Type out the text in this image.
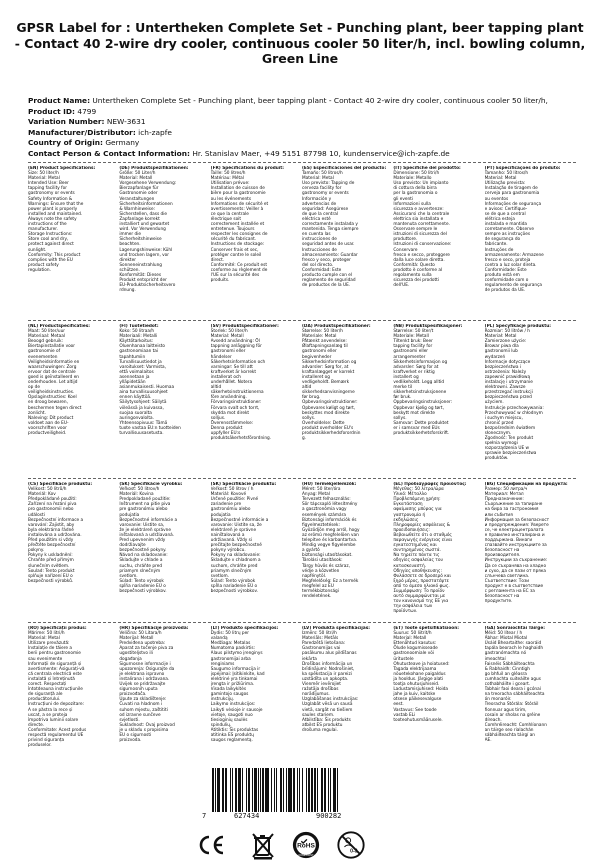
GPSR Label for : Untertheken Complete Set - Punching plant, beer tapping plant - Contact 40 2-wire dry cooler, continuous cooler 50 liter/h, incl. bowling column, Green Line
Product Name: Untertheken Complete Set - Punching plant, beer tapping plant - Contact 40 2-wire dry cooler, continuous cooler 50 liter/h,
Product ID: 4799
Variation Number: NEW-3631
Manufacturer/Distributor: ich-zapfe
Country of Origin: Germany
Contact Person & Contact Information: Hr. Stanislav Maer, +49 5151 87798 10, kundenservice@ich-zapfe.de
(EN) Product Specifications:
Size: 50 liter/h
Material: Metal
Intended Use: Beer
tapping facility for
gastronomy or events
Safety Information &
Warnings: Ensure that the
power plant is properly
installed and maintained.
Always note the safety
instructions of the
manufacturer.
Storage Instructions:
Store cool and dry,
protect against direct
sunlight.
Conformity: This product
complies with the EU
product safety
regulation.
(DE) Produktspezifikationen:
Größe: 50 Liter/h
Material: Metall
Vorgesehene Verwendung:
Bierzapfanlage für
Gastronomie oder
Veranstaltungen
Sicherheitsinformationen
& Warnhinweise:
Sicherstellen, dass die
Zapfanlage korrekt
installiert und gewartet
wird. Vor Verwendung
immer die
Sicherheitshinweise
beachten.
Lagerungshinweise: Kühl
und trocken lagern, vor
direkter
Sonneneinstrahlung
schützen.
Konformität: Dieses
Produkt entspricht der
EU-Produktsicherheitsvero
rdnung.
(FR) Spécifications du produit:
Taille: 50 litres/h
Matériau: Métal
Utilisation prévue:
Installation de cuisson de
bière pour la gastronomie
ou les événements
Informations de sécurité et
avertissements: Veiller à
ce que la centrale
électrique soit
correctement installée et
entretenue. Toujours
respecter les consignes de
sécurité du fabricant.
Instructions de stockage:
Conserver frais et sec,
protéger contre le soleil
direct.
Conformité: Ce produit est
conforme au règlement de
l'UE sur la sécurité des
produits.
(ES) Especificaciones del producto:
Tamaño: 50 litros/h
Material: Metal
Uso previsto: Tapping de
cerveza facility for
gastronomy or events
Información y
advertencias de
seguridad: Asegúrese
de que la central
eléctrica esté
correctamente instalada y
mantenida. Tenga siempre
en cuenta las
instrucciones de
seguridad antes de usar.
Instrucciones de
almacenamiento: Guardar
fresco y seco, proteger
del sol directo.
Conformidad: Este
producto cumple con el
reglamento de seguridad
de productos de la UE.
(IT) Specifiche del prodotto:
Dimensione: 50 litri/h
Materiale: Metallo
Uso previsto: Un impianto
di cottura della birra
per la gastronomia o
gli eventi
Informazioni sulla
sicurezza e avvertenze:
Assicurarsi che la centrale
elettrica sia installata e
mantenuta correttamente.
Osservare sempre le
istruzioni di sicurezza del
produttore.
Istruzioni di conservazione:
Conservare
fresco e secco, proteggere
dalla luce solare diretta.
Conformità: Questo
prodotto è conforme al
regolamento sulla
sicurezza dei prodotti
dell'UE.
(PT) Especificações do produto:
Tamanho: 50 litros/h
Material: Metal
Utilização prevista:
Instalação de tiragem de
cerveja para gastronomia
ou eventos
Informações de segurança
e avisos: Certifique-
se de que a central
elétrica esteja
instalada e mantida
corretamente. Observe
sempre as instruções
de segurança do
fabricante.
Instruções de
armazenamento: Armazene
fresco e seco, proteja
contra a luz solar direta.
Conformidade: Este
produto está em
conformidade com o
regulamento de segurança
de produtos da UE.
(NL) Productspecificaties:
Maat: 50 liter/uur
Materiaal: Metaal
Beoogd gebruik:
Biertapinstallatie voor
gastronomie of
evenementen
Veiligheidsinformatie en
waarschuwingen: Zorg
ervoor dat de centrale
goed is geïnstalleerd en
onderhouden. Let altijd
op de
veiligheidsinstructies.
Opslaginstructies: Koel
en droog bewaren,
beschermen tegen direct
zonlicht.
Naleving: Dit product
voldoet aan de EU-
voorschriften voor
productveiligheid.
(FI) Tuotetiedot:
Koko: 50 litraa/h
Materiaali: Metalli
Käyttötarkoitus:
Oluenhanaa laitteisto
gastronomiaan tai
tapahtumiin
Turvallisuustiedot ja
varoitukset: Varmista,
että voimalaitos
asennetaan ja
ylläpidetään
asianmukaisesti. Huomaa
aina turvallisuusohjeet
ennen käyttöä.
Säilytysohjeet: Säilytä
viileässä ja kuivassa,
suojaa suoralta
auringonvalolta.
Yhteensopivuus: Tämä
tuote vastaa EU:n tuotteiden
turvallisuusasetusta.
(SV) Produktspecifikationer:
Storlek: 50 liter/h
Material: Metall
Avsedd användning: Öl
tappning anläggning för
gastronomi eller
händelser
Säkerhetsinformation och
varningar: Se till att
kraftverket är korrekt
installerat och
underhållet. Notera
alltid
säkerhetsinstruktionerna
före användning.
Förvaringsinstruktioner:
Förvara svalt och torrt,
skydda mot direkt
solljus.
Överensstämmelse:
Denna produkt
uppfyller EU:s
produktsäkerhetsförordning.
(DA) Produktspecifikationer:
Størrelse: 50 liter/h
Materiale: Metal
Påtænkt anvendelse:
Ølaftapningsanlæg til
gastronomi eller
begivenheder
Sikkerhedsinformation og
advarsler: Sørg for, at
kraftanlægget er korrekt
installeret og
vedligeholdt. Bemærk
altid
sikkerhedsanvisningerne
før brug.
Opbevaringsinstruktioner:
Opbevares køligt og tørt,
beskyttes mod direkte
sollys.
Overholdelse: Dette
produkt overholder EU's
produktsikkerhedsforordnin
g.
(NB) Produktspesifikasjoner:
Størrelse: 50 liter/t
Materiale: Metall
Tiltenkt bruk: Beer
tapping facility for
gastronomi eller
arrangementer
Sikkerhetsinformasjon og
advarsler: Sørg for at
kraftverket er riktig
installert og
vedlikeholdt. Legg alltid
merke til
sikkerhetsinstruksjonene
før bruk.
Oppbevaringsinstruksjoner:
Oppbevar kjølig og tørt,
beskytt mot direkte
sollys.
Samsvar: Dette produktet
er i samsvar med EUs
produktsikkerhetsforskrift.
(PL) Specyfikacje produktu:
Rozmiar: 50 litrów / h
Materiał: Metal
Zamierzone użycie:
Browar piwa dla
gastronomii lub
wydarzeń
Informacje dotyczące
bezpieczeństwa i
ostrzeżenia: Należy
zapewnić prawidłową
instalację i utrzymanie
elektrowni. Zawsze
przestrzegać instrukcji
bezpieczeństwa przed
użyciem.
Instrukcje przechowywania:
Przechowywać w chłodnym
i suchym miejscu,
chronić przed
bezpośrednim światłem
słonecznym.
Zgodność: Ten produkt
spełnia wymogi
rozporządzenia UE w
sprawie bezpieczeństwa
produktów.
(CS) Specifikace produktu:
Velikost: 50 litrů/h
Materiál: Kov
Předpokládané použití:
Zařízení na řezání piva
pro gastronomii nebo
události
Bezpečnostní informace a
varování: Zajistit, aby
byla elektrárna řádně
instalována a udržována.
Před použitím si vždy
přečtěte bezpečnostní
pokyny.
Pokyny k uskladnění:
Chraňte před přímým
slunečním světlem.
Soulad: Tento produkt
splňuje nařízení EU o
bezpečnosti výrobků.
(SK) Špecifikácie výrobku:
Veľkosť: 50 litrov/h
Materiál: Kovina
Predpokladané použitie:
Inštrument na pitie piva
pre gastronómiu alebo
podujatia
Bezpečnostné informácie a
varovanie: Uistite sa,
že je elektráreň správne
inštalovaná a udržiavaná.
Pred upevnením vždy
dodržiavajte
bezpečnostné pokyny.
Návod na skladovanie:
Skladujte v chlade a
suchu, chráňte pred
priamym slnečným
svetlom.
Súlad: Tento výrobok
spĺňa nariadenie EÚ o
bezpečnosti výrobkov.
(SK) Špecifikácie produktu:
Veľkosť: 50 litrov / h
Materiál: Kovové
Určené použitie: Pivné
zariadenie pre
gastronómiu alebo
podujatia
Bezpečnostné informácie a
varovanie: Uistite sa, že
elektráreň je správne
nainštalovaná a
udržiavaná. Vždy si
prečítajte bezpečnostné
pokyny výrobcu.
Pokyny na skladovanie:
Skladujte v chladnom a
suchom, chráňte pred
priamym slnečným
svetlom.
Súlad: Tento výrobok
spĺňa nariadenie EÚ o
bezpečnosti výrobkov.
(HU) Termékjellemzők:
Méret: 50 liter/óra
Anyag: Metal
Tervezett felhasználás:
Sör tápcsapló létesítmény
a gasztronómia vagy
események számára
Biztonsági információk és
figyelmeztetések:
Gyõzõdjön meg arról, hogy
az erõmû megfelelõen van
telepítve és karbantartva.
Mindig vegye figyelembe
a gyártó
biztonsági utasításokat.
Tárolási utasítások:
Tárgy hûvös és száraz,
védje a közvetlen
napfénytõl.
Megfelelőség: Ez a termék
megfelel az EU
termékbiztonsági
rendeletének.
(EL) Προδιαγραφές προϊόντος:
Μέγεθος: 50 λίτρα/ώρα
Υλικό: Μέταλλο
Προβλεπόμενη χρήση:
Εγκατάσταση
αφαίμασης μπύρας για
γαστρονομία ή
εκδηλώσεις
Πληροφορίες ασφάλειας &
προειδοποιήσεις:
Βεβαιωθείτε ότι ο σταθμός
παραγωγής ενέργειας είναι
εγκατεστημένος και
συντηρημένος σωστά.
Να τηρείτε πάντα τις
οδηγίες ασφαλείας του
κατασκευαστή.
Οδηγίες αποθήκευσης:
Φυλάσσετε σε δροσερό και
ξηρό μέρος, προστατέψτε
από το άμεσο ηλιακό φως.
Συμμόρφωση: Το προϊόν
αυτό συμμορφώνεται με
τον κανονισμό της ΕΕ για
την ασφάλεια των
προϊόντων.
(BG) Спецификации на продукта:
Размер: 50 литра/ч
Материал: Метал
Предназначение:
Съоръжение за тапиране
на бира за гастрономия
или събития
Информация за безопасност
и предупреждения: Уверете
се, че електроцентралата
е правилно инсталирана и
поддържана. Винаги
спазвайте инструкциите за
безопасност на
производителя.
Инструкции за съхранение:
Да се съхранява на хладно
и сухо, да се пази от пряка
слънчева светлина.
Съответствие: Този
продукт е в съответствие
с регламента на ЕС за
безопасност на
продуктите.
(RO) Specificații produs:
Mărime: 50 litri/h
Material: Metal
Utilizare prevăzută:
Instalație de tăiere a
berii pentru gastronomie
sau evenimente
Informații de siguranță și
avertismente: Asigurați-vă
că centrala electrică este
instalată și întreținută
corect. Respectați
întotdeauna instrucțiunile
de siguranță ale
producătorului.
Instrucțiuni de depozitare:
A se păstra la rece și
uscat, a se proteja
împotriva luminii solare
directe.
Conformitate: Acest produs
respectă regulamentul UE
privind siguranța
produselor.
(HR) Specifikacije proizvoda:
Veličina: 50 Litara/h
Materijal: Metall
Predviđena upotreba:
Aparat za točenje piva za
ugostiteljstvo ili
događanja
Sigurnosne informacije i
upozorenja: Osigurajte da
je elektrana ispravno
instalirana i održavana.
Uvijek se pridržavajte
sigurnosnih uputa
proizvođača.
Upute za skladištenje:
Čuvati na hladnom i
suhom mjestu, zaštititi
od izravne sunčeve
svjetlosti.
Sukladnost: Ovaj proizvod
je u skladu s propisima
EU o sigurnosti
proizvoda.
(LT) Produkto specifikacijos:
Dydis: 50 litrų per
valandą
Medžiaga: Metalas
Numatoma paskirtis:
Alaus pilstymo įrenginys
gastronomijai arba
renginiams
Saugumo informacija ir
įspėjimai: Įsitikinkite, kad
elektrinė yra tinkamai
įrengta ir prižiūrima.
Visada laikykitės
gamintojo saugos
instrukcijų.
Laikymo instrukcijos:
Laikyti vėsioje ir sausoje
vietoje, saugoti nuo
tiesioginių saulės
spindulių.
Atitiktis: Šis produktas
atitinka ES produktų
saugos reglamentą.
(LV) Produkta specifikācijas:
Izmērs: 50 litri/h
Materiāls: Metāls
Paredzētā lietošana:
Gastronomijas vai
pasākumu alus pildīšanas
iekārta
Drošības informācija un
brīdinājumi: Nodrošiniet,
ka spēkstacija ir pareizi
uzstādīta un apkopta.
Vienmēr ievērojiet
ražotāja drošības
norādījumus.
Uzglabāšanas instrukcijas:
Uzglabāt vēsā un sausā
vietā, sargāt no tiešiem
saules stariem.
Atbilstība: Šis produkts
atbilst ES produktu
drošuma regulai.
(ET) Toote spetsifikatsioon:
Suurus: 50 liitrit/h
Materjal: Metall
Ettenähtud kasutus:
Õlude kogumisseade
gastronoomiale või
üritustele
Ohutusteave ja hoiatused:
Tagada elektrijaama
nõuetekohane paigaldus
ja hooldus. Järgige alati
tootja ohutusjuhiseid.
Ladustamisjuhised: Hoida
jahe ja kuiv, kaitske
otsese päikesevalguse
eest.
Vastavus: See toode
vastab ELi
tooteohutusmäärusele.
(GA) Sonraíochtaí Táirge:
Méid: 50 lítear / h
Ábhar: Miotal Miotal
Úsáid Bheartaithe: saoráid
tapála beorach le haghaidh
gastranómachta nó
imeachtaí
Faisnéis Sábháilteachta
& Rabhaidh: Cinntigh
go bhfuil an gléasra
cumhachta suiteáilte agus
cothabháilte i gceart.
Tabhair faoi deara i gcónaí
na treoracha sábháilteachta
ón monaróir.
Treoracha Stórála: Stóráil
fionnuar agus tirim,
cosain ar sholas na gréine
díreach.
Comhréireacht: Comhlíonann
an táirge seo rialachán
sábháilteachta táirgí an
AE.
7	627434	900282
RoHS
COMPLIANT
0-3
